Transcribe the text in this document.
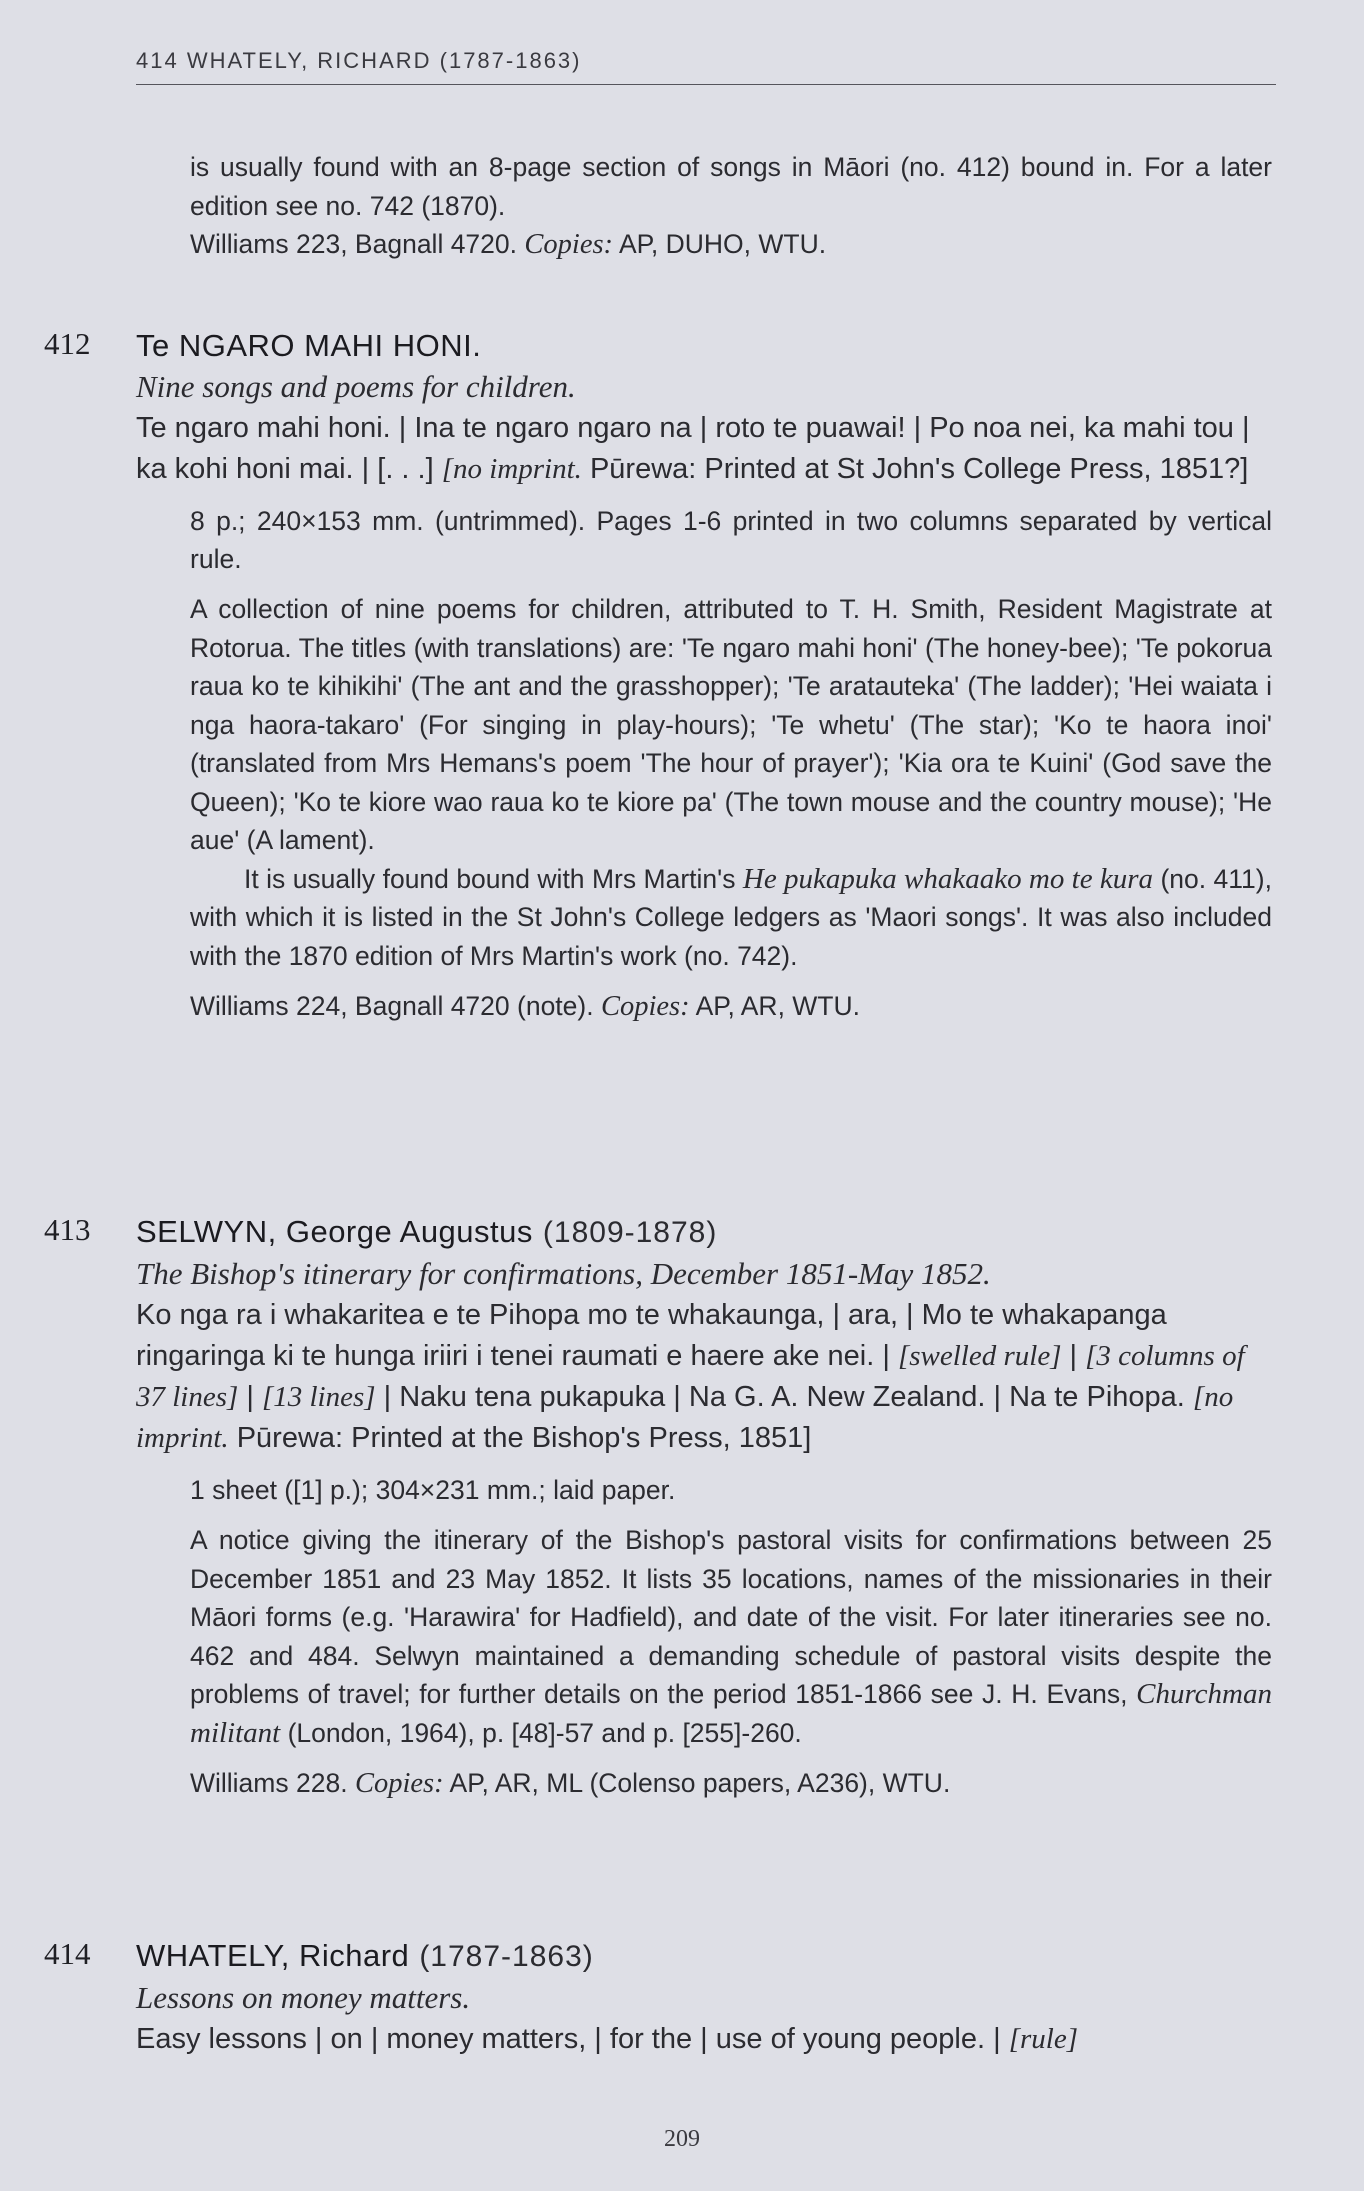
414 WHATELY, RICHARD (1787-1863)

is usually found with an 8-page section of songs in Māori (no. 412) bound in. For a later edition see no. 742 (1870).

Williams 223, Bagnall 4720. Copies: AP, DUHO, WTU.

412 Te NGARO MAHI HONI.
Nine songs and poems for children.
Te ngaro mahi honi. | Ina te ngaro ngaro na | roto te puawai! | Po noa nei, ka mahi tou | ka kohi honi mai. | [. . .] [no imprint. Pūrewa: Printed at St John's College Press, 1851?]
8 p.; 240×153 mm. (untrimmed). Pages 1-6 printed in two columns separated by vertical rule.

A collection of nine poems for children, attributed to T. H. Smith, Resident Magistrate at Rotorua. The titles (with translations) are: 'Te ngaro mahi honi' (The honey-bee); 'Te pokorua raua ko te kihikihi' (The ant and the grasshopper); 'Te aratauteka' (The ladder); 'Hei waiata i nga haora-takaro' (For singing in play-hours); 'Te whetu' (The star); 'Ko te haora inoi' (translated from Mrs Hemans's poem 'The hour of prayer'); 'Kia ora te Kuini' (God save the Queen); 'Ko te kiore wao raua ko te kiore pa' (The town mouse and the country mouse); 'He aue' (A lament).

It is usually found bound with Mrs Martin's He pukapuka whakaako mo te kura (no. 411), with which it is listed in the St John's College ledgers as 'Maori songs'. It was also included with the 1870 edition of Mrs Martin's work (no. 742).

Williams 224, Bagnall 4720 (note). Copies: AP, AR, WTU.
413 SELWYN, George Augustus (1809-1878)
The Bishop's itinerary for confirmations, December 1851-May 1852.
Ko nga ra i whakaritea e te Pihopa mo te whakaunga, | ara, | Mo te whakapanga ringaringa ki te hunga iriiri i tenei raumati e haere ake nei. | [swelled rule] | [3 columns of 37 lines] | [13 lines] | Naku tena pukapuka | Na G. A. New Zealand. | Na te Pihopa. [no imprint. Pūrewa: Printed at the Bishop's Press, 1851]
1 sheet ([1] p.); 304×231 mm.; laid paper.

A notice giving the itinerary of the Bishop's pastoral visits for confirmations between 25 December 1851 and 23 May 1852. It lists 35 locations, names of the missionaries in their Māori forms (e.g. 'Harawira' for Hadfield), and date of the visit. For later itineraries see no. 462 and 484. Selwyn maintained a demanding schedule of pastoral visits despite the problems of travel; for further details on the period 1851-1866 see J. H. Evans, Churchman militant (London, 1964), p. [48]-57 and p. [255]-260.

Williams 228. Copies: AP, AR, ML (Colenso papers, A236), WTU.
414 WHATELY, Richard (1787-1863)
Lessons on money matters.
Easy lessons | on | money matters, | for the | use of young people. | [rule]
209
